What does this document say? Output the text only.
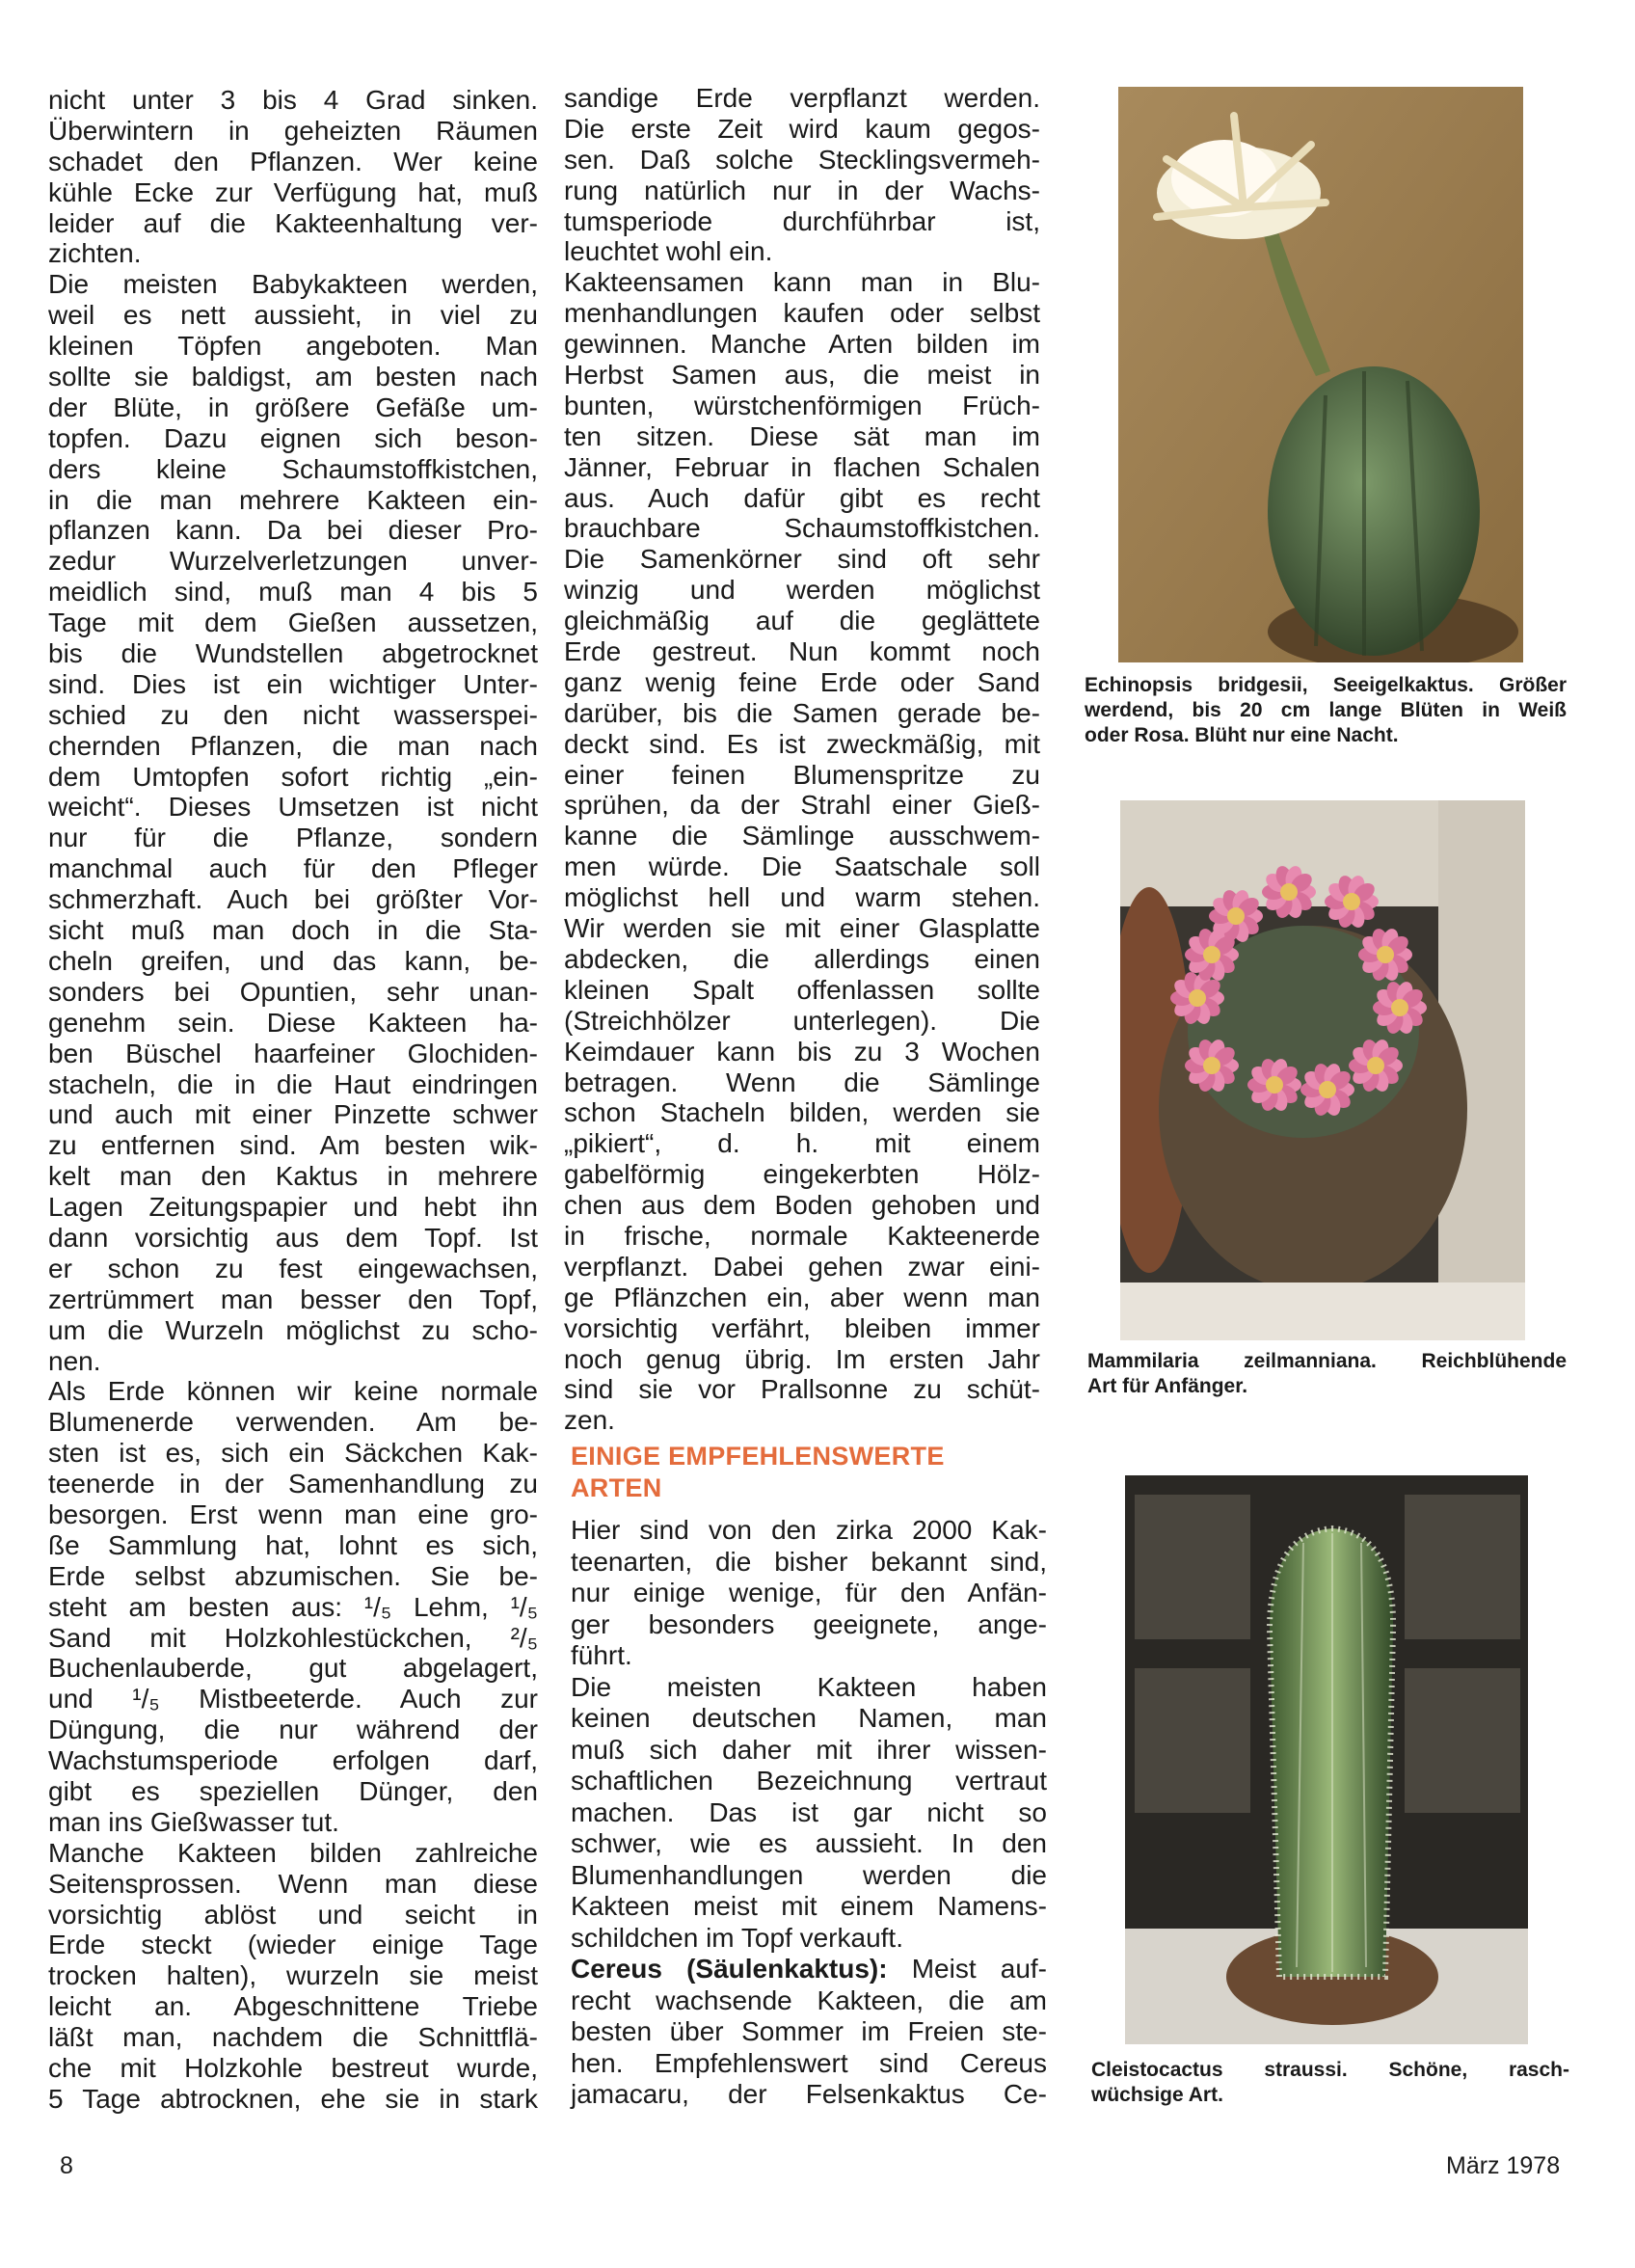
nicht unter 3 bis 4 Grad sinken.
Überwintern in geheizten Räumen
schadet den Pflanzen. Wer keine
kühle Ecke zur Verfügung hat, muß
leider auf die Kakteenhaltung ver-
zichten.
Die meisten Babykakteen werden,
weil es nett aussieht, in viel zu
kleinen Töpfen angeboten. Man
sollte sie baldigst, am besten nach
der Blüte, in größere Gefäße um-
topfen. Dazu eignen sich beson-
ders kleine Schaumstoffkistchen,
in die man mehrere Kakteen ein-
pflanzen kann. Da bei dieser Pro-
zedur Wurzelverletzungen unver-
meidlich sind, muß man 4 bis 5
Tage mit dem Gießen aussetzen,
bis die Wundstellen abgetrocknet
sind. Dies ist ein wichtiger Unter-
schied zu den nicht wasserspei-
chernden Pflanzen, die man nach
dem Umtopfen sofort richtig „ein-
weicht“. Dieses Umsetzen ist nicht
nur für die Pflanze, sondern
manchmal auch für den Pfleger
schmerzhaft. Auch bei größter Vor-
sicht muß man doch in die Sta-
cheln greifen, und das kann, be-
sonders bei Opuntien, sehr unan-
genehm sein. Diese Kakteen ha-
ben Büschel haarfeiner Glochiden-
stacheln, die in die Haut eindringen
und auch mit einer Pinzette schwer
zu entfernen sind. Am besten wik-
kelt man den Kaktus in mehrere
Lagen Zeitungspapier und hebt ihn
dann vorsichtig aus dem Topf. Ist
er schon zu fest eingewachsen,
zertrümmert man besser den Topf,
um die Wurzeln möglichst zu scho-
nen.
Als Erde können wir keine normale
Blumenerde verwenden. Am be-
sten ist es, sich ein Säckchen Kak-
teenerde in der Samenhandlung zu
besorgen. Erst wenn man eine gro-
ße Sammlung hat, lohnt es sich,
Erde selbst abzumischen. Sie be-
steht am besten aus: ¹/₅ Lehm, ¹/₅
Sand mit Holzkohlestückchen, ²/₅
Buchenlauberde, gut abgelagert,
und ¹/₅ Mistbeeterde. Auch zur
Düngung, die nur während der
Wachstumsperiode erfolgen darf,
gibt es speziellen Dünger, den
man ins Gießwasser tut.
Manche Kakteen bilden zahlreiche
Seitensprossen. Wenn man diese
vorsichtig ablöst und seicht in
Erde steckt (wieder einige Tage
trocken halten), wurzeln sie meist
leicht an. Abgeschnittene Triebe
läßt man, nachdem die Schnittflä-
che mit Holzkohle bestreut wurde,
5 Tage abtrocknen, ehe sie in stark
sandige Erde verpflanzt werden.
Die erste Zeit wird kaum gegos-
sen. Daß solche Stecklingsvermeh-
rung natürlich nur in der Wachs-
tumsperiode durchführbar ist,
leuchtet wohl ein.
Kakteensamen kann man in Blu-
menhandlungen kaufen oder selbst
gewinnen. Manche Arten bilden im
Herbst Samen aus, die meist in
bunten, würstchenförmigen Früch-
ten sitzen. Diese sät man im
Jänner, Februar in flachen Schalen
aus. Auch dafür gibt es recht
brauchbare Schaumstoffkistchen.
Die Samenkörner sind oft sehr
winzig und werden möglichst
gleichmäßig auf die geglättete
Erde gestreut. Nun kommt noch
ganz wenig feine Erde oder Sand
darüber, bis die Samen gerade be-
deckt sind. Es ist zweckmäßig, mit
einer feinen Blumenspritze zu
sprühen, da der Strahl einer Gieß-
kanne die Sämlinge ausschwem-
men würde. Die Saatschale soll
möglichst hell und warm stehen.
Wir werden sie mit einer Glasplatte
abdecken, die allerdings einen
kleinen Spalt offenlassen sollte
(Streichhölzer unterlegen). Die
Keimdauer kann bis zu 3 Wochen
betragen. Wenn die Sämlinge
schon Stacheln bilden, werden sie
„pikiert“, d. h. mit einem
gabelförmig eingekerbten Hölz-
chen aus dem Boden gehoben und
in frische, normale Kakteenerde
verpflanzt. Dabei gehen zwar eini-
ge Pflänzchen ein, aber wenn man
vorsichtig verfährt, bleiben immer
noch genug übrig. Im ersten Jahr
sind sie vor Prallsonne zu schüt-
zen.
EINIGE EMPFEHLENSWERTE
ARTEN
Hier sind von den zirka 2000 Kak-
teenarten, die bisher bekannt sind,
nur einige wenige, für den Anfän-
ger besonders geeignete, ange-
führt.
Die meisten Kakteen haben
keinen deutschen Namen, man
muß sich daher mit ihrer wissen-
schaftlichen Bezeichnung vertraut
machen. Das ist gar nicht so
schwer, wie es aussieht. In den
Blumenhandlungen werden die
Kakteen meist mit einem Namens-
schildchen im Topf verkauft.
Cereus (Säulenkaktus): Meist auf-
recht wachsende Kakteen, die am
besten über Sommer im Freien ste-
hen. Empfehlenswert sind Cereus
jamacaru, der Felsenkaktus Ce-
Echinopsis bridgesii, Seeigelkaktus. Größer
werdend, bis 20 cm lange Blüten in Weiß
oder Rosa. Blüht nur eine Nacht.
Mammilaria zeilmanniana. Reichblühende
Art für Anfänger.
Cleistocactus straussi. Schöne, rasch-
wüchsige Art.
8	März 1978
